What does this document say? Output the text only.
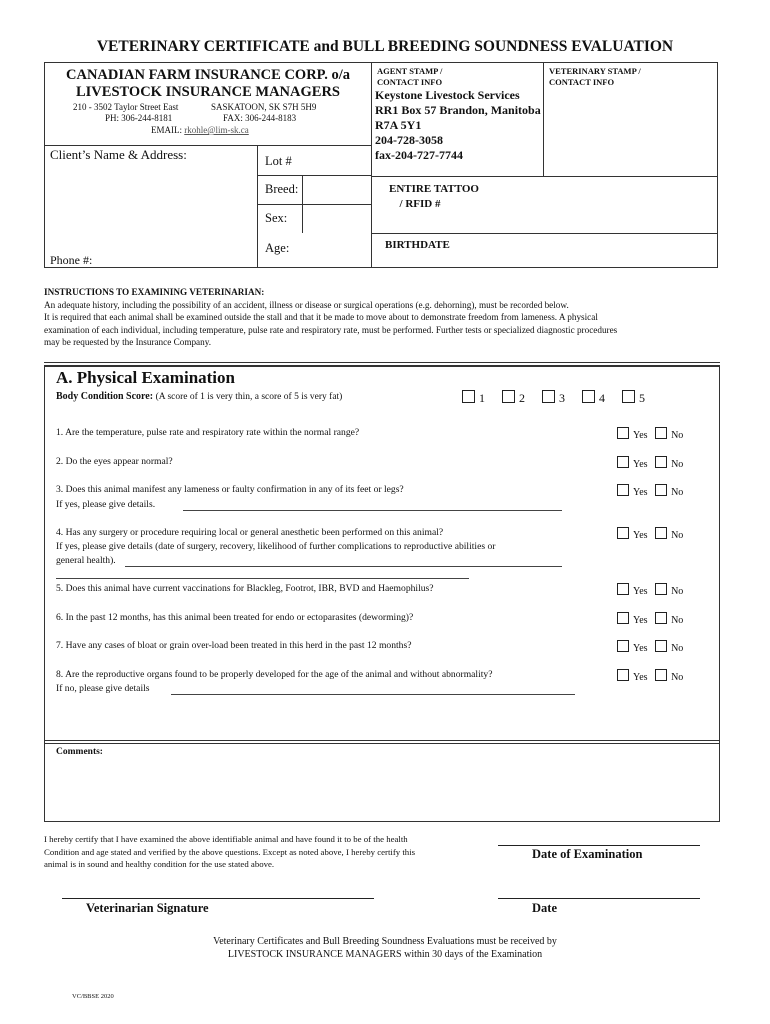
VETERINARY CERTIFICATE and BULL BREEDING SOUNDNESS EVALUATION
CANADIAN FARM INSURANCE CORP. o/a
LIVESTOCK INSURANCE MANAGERS
210 - 3502 Taylor Street East	SASKATOON, SK S7H 5H9
PH: 306-244-8181	FAX: 306-244-8183
EMAIL: rkohle@lim-sk.ca
AGENT STAMP /
CONTACT INFO
Keystone Livestock Services
RR1 Box 57 Brandon, Manitoba
R7A 5Y1
204-728-3058
fax-204-727-7744
VETERINARY STAMP /
CONTACT INFO
Client’s Name & Address:
Phone #:
Lot #
Breed:
Sex:
Age:
ENTIRE TATTOO
/ RFID #
BIRTHDATE
INSTRUCTIONS TO EXAMINING VETERINARIAN:
An adequate history, including the possibility of an accident, illness or disease or surgical operations (e.g. dehorning), must be recorded below.
It is required that each animal shall be examined outside the stall and that it be made to move about to demonstrate freedom from lameness. A physical
examination of each individual, including temperature, pulse rate and respiratory rate, must be performed. Further tests or specialized diagnostic procedures
may be requested by the Insurance Company.
A. Physical Examination
Body Condition Score: (A score of 1 is very thin, a score of 5 is very fat)	1	2	3	4	5
1. Are the temperature, pulse rate and respiratory rate within the normal range?	Yes No
2. Do the eyes appear normal?	Yes No
3. Does this animal manifest any lameness or faulty confirmation in any of its feet or legs?
If yes, please give details.
Yes No
4. Has any surgery or procedure requiring local or general anesthetic been performed on this animal?
If yes, please give details (date of surgery, recovery, likelihood of further complications to reproductive abilities or
general health).
Yes No
5. Does this animal have current vaccinations for Blackleg, Footrot, IBR, BVD and Haemophilus?	Yes No
6. In the past 12 months, has this animal been treated for endo or ectoparasites (deworming)?	Yes No
7. Have any cases of bloat or grain over-load been treated in this herd in the past 12 months?	Yes No
8. Are the reproductive organs found to be properly developed for the age of the animal and without abnormality?
If no, please give details
Yes No
Comments:
I hereby certify that I have examined the above identifiable animal and have found it to be of the health
Condition and age stated and verified by the above questions. Except as noted above, I hereby certify this
animal is in sound and healthy condition for the use stated above.
Date of Examination
Veterinarian Signature	Date
Veterinary Certificates and Bull Breeding Soundness Evaluations must be received by
LIVESTOCK INSURANCE MANAGERS within 30 days of the Examination
VC/BBSE 2020
